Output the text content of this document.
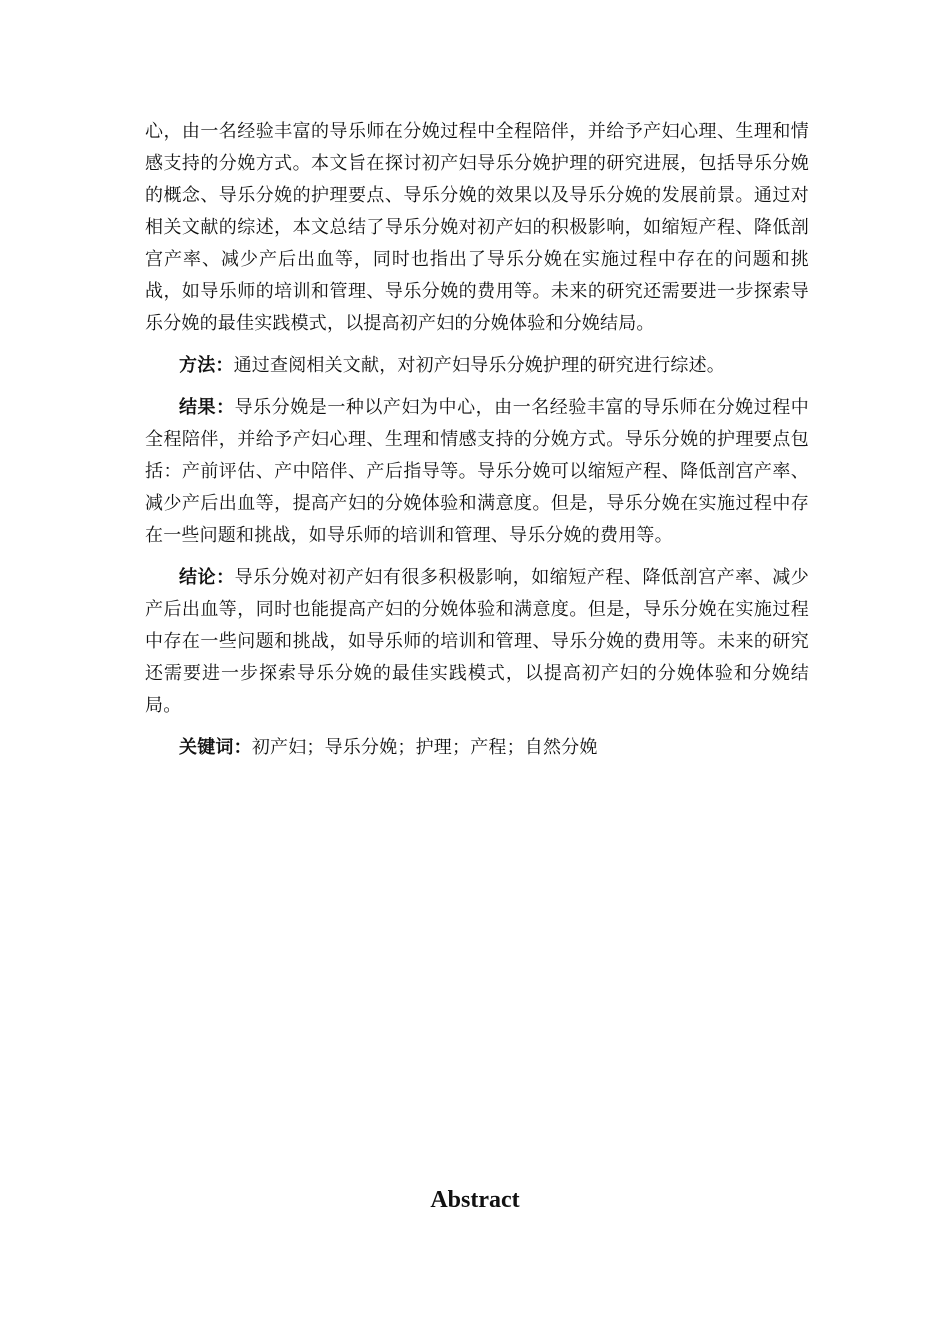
心，由一名经验丰富的导乐师在分娩过程中全程陪伴，并给予产妇心理、生理和情感支持的分娩方式。本文旨在探讨初产妇导乐分娩护理的研究进展，包括导乐分娩的概念、导乐分娩的护理要点、导乐分娩的效果以及导乐分娩的发展前景。通过对相关文献的综述，本文总结了导乐分娩对初产妇的积极影响，如缩短产程、降低剖宫产率、减少产后出血等，同时也指出了导乐分娩在实施过程中存在的问题和挑战，如导乐师的培训和管理、导乐分娩的费用等。未来的研究还需要进一步探索导乐分娩的最佳实践模式，以提高初产妇的分娩体验和分娩结局。

方法：通过查阅相关文献，对初产妇导乐分娩护理的研究进行综述。

结果：导乐分娩是一种以产妇为中心，由一名经验丰富的导乐师在分娩过程中全程陪伴，并给予产妇心理、生理和情感支持的分娩方式。导乐分娩的护理要点包括：产前评估、产中陪伴、产后指导等。导乐分娩可以缩短产程、降低剖宫产率、减少产后出血等，提高产妇的分娩体验和满意度。但是，导乐分娩在实施过程中存在一些问题和挑战，如导乐师的培训和管理、导乐分娩的费用等。

结论：导乐分娩对初产妇有很多积极影响，如缩短产程、降低剖宫产率、减少产后出血等，同时也能提高产妇的分娩体验和满意度。但是，导乐分娩在实施过程中存在一些问题和挑战，如导乐师的培训和管理、导乐分娩的费用等。未来的研究还需要进一步探索导乐分娩的最佳实践模式，以提高初产妇的分娩体验和分娩结局。

关键词：初产妇；导乐分娩；护理；产程；自然分娩

Abstract
